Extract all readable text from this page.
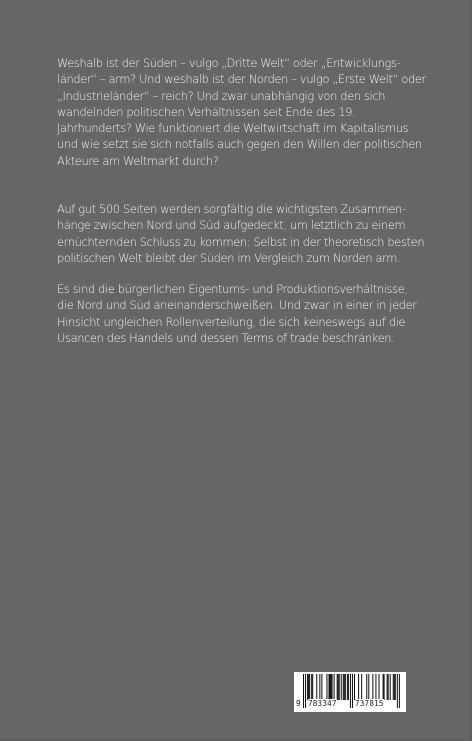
Weshalb ist der Süden – vulgo „Dritte Welt“ oder „Entwicklungs-
länder“ – arm? Und weshalb ist der Norden – vulgo „Erste Welt“ oder
„Industrieländer“ – reich? Und zwar unabhängig von den sich
wandelnden politischen Verhältnissen seit Ende des 19.
Jahrhunderts? Wie funktioniert die Weltwirtschaft im Kapitalismus
und wie setzt sie sich notfalls auch gegen den Willen der politischen
Akteure am Weltmarkt durch?
Auf gut 500 Seiten werden sorgfältig die wichtigsten Zusammen-
hänge zwischen Nord und Süd aufgedeckt, um letztlich zu einem
ernüchternden Schluss zu kommen: Selbst in der theoretisch besten
politischen Welt bleibt der Süden im Vergleich zum Norden arm.
Es sind die bürgerlichen Eigentums- und Produktionsverhältnisse,
die Nord und Süd aneinanderschweißen. Und zwar in einer in jeder
Hinsicht ungleichen Rollenverteilung, die sich keineswegs auf die
Usancen des Handels und dessen Terms of trade beschränken.
9 783347 737815
